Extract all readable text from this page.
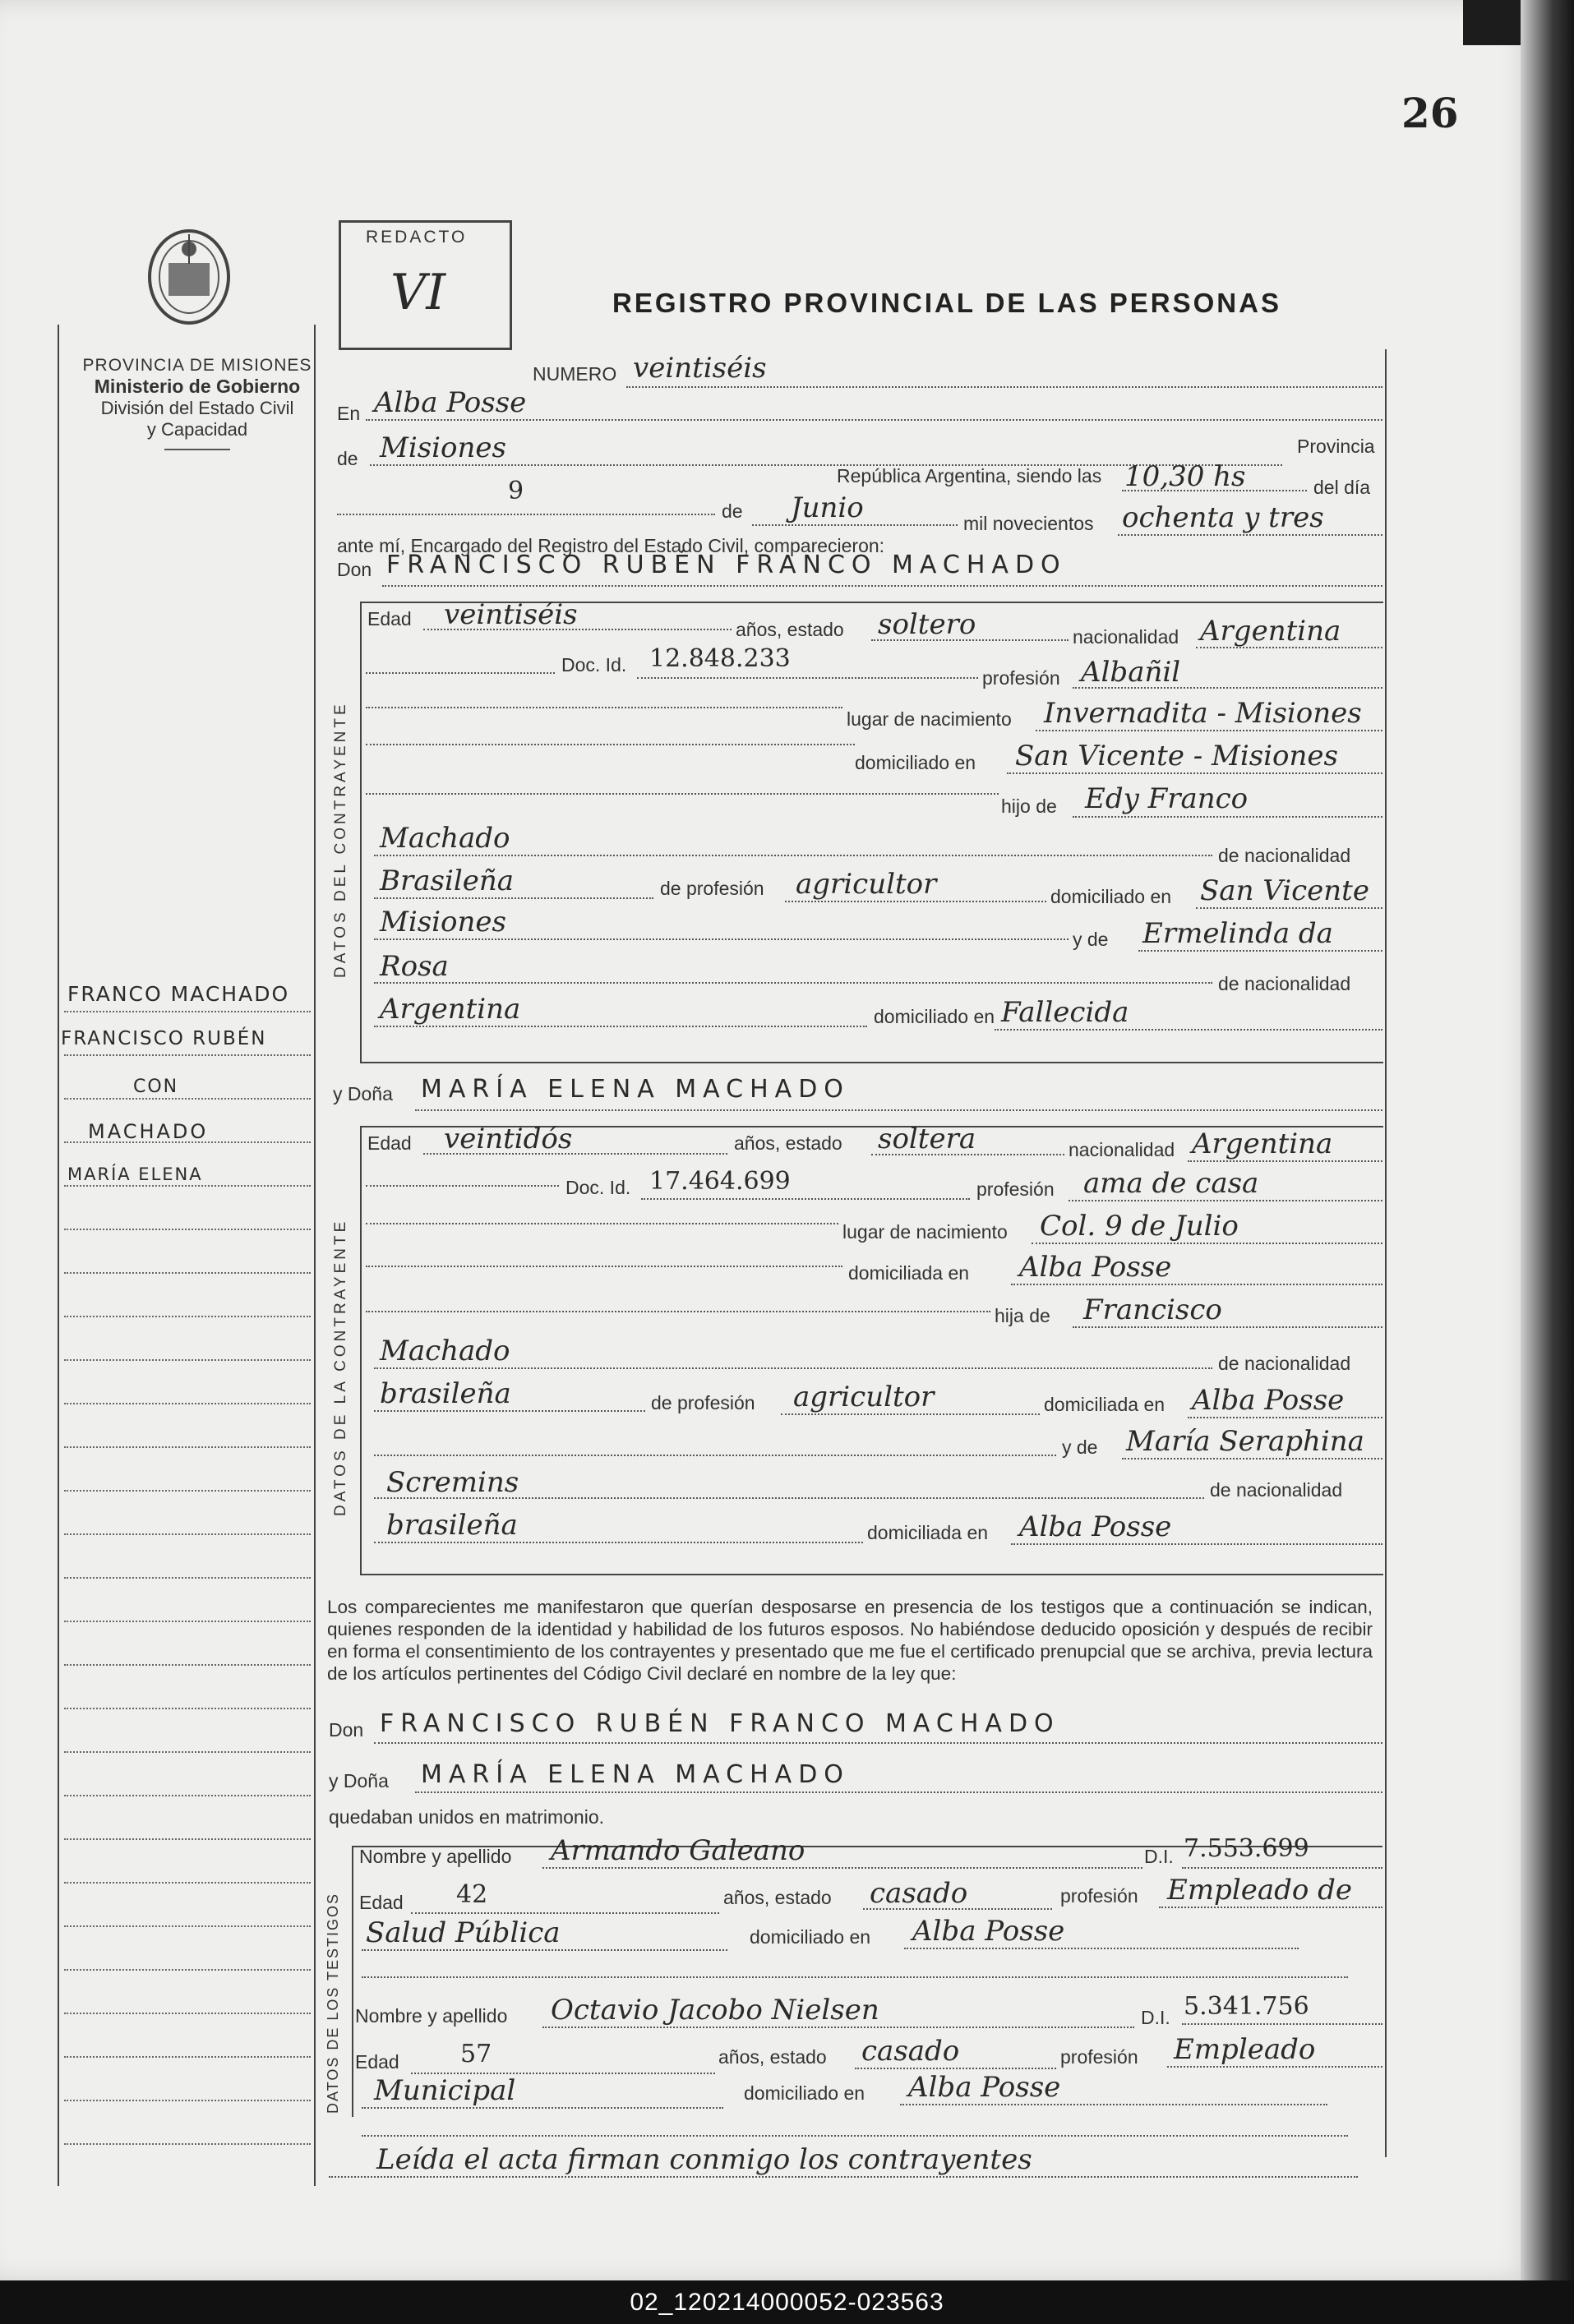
26
PROVINCIA DE MISIONES
Ministerio de Gobierno
División del Estado Civil
y Capacidad
FRANCO MACHADO
FRANCISCO RUBÉN
CON
MACHADO
MARÍA ELENA
REDACTO
VI	REGISTRO PROVINCIAL DE LAS PERSONAS
NUMERO veintiséis
En Alba Posse
de Misiones	Provincia
9
República Argentina, siendo las 10,30 hs	del día
de Junio	mil novecientos ochenta y tres
ante mí, Encargado del Registro del Estado Civil, comparecieron:
Don FRANCISCO RUBÉN FRANCO MACHADO
DATOS DEL CONTRAYENTE
Edad veintiséis	años, estado soltero	nacionalidad Argentina
Doc. Id. 12.848.233
profesión Albañil
lugar de nacimiento Invernadita - Misiones
domiciliado en San Vicente - Misiones
hijo de Edy Franco
Machado
de nacionalidad
Brasileña	de profesión agricultor	domiciliado en San Vicente
Misiones
y de Ermelinda da
Rosa
de nacionalidad
Argentina	domiciliado en Fallecida
y Doña MARÍA ELENA MACHADO
DATOS DE LA CONTRAYENTE
Edad veintidós	años, estado soltera	nacionalidad Argentina
Doc. Id. 17.464.699	profesión ama de casa
lugar de nacimiento Col. 9 de Julio
domiciliada en Alba Posse
hija de Francisco
Machado	de nacionalidad
brasileña	de profesión agricultor	domiciliada en Alba Posse
y de María Seraphina
Scremins	de nacionalidad
brasileña	domiciliada en Alba Posse
Los comparecientes me manifestaron que querían desposarse en presencia de los testigos que a continuación se indican, quienes responden de la identidad y habilidad de los futuros esposos. No habiéndose deducido oposición y después de recibir en forma el consentimiento de los contrayentes y presentado que me fue el certificado prenupcial que se archiva, previa lectura de los artículos pertinentes del Código Civil declaré en nombre de la ley que:
Don FRANCISCO RUBÉN FRANCO MACHADO
y Doña MARÍA ELENA MACHADO
quedaban unidos en matrimonio.
DATOS DE LOS TESTIGOS
Nombre y apellido Armando Galeano	D.I. 7.553.699
Edad 42	años, estado casado	profesión Empleado de
Salud Pública	domiciliado en Alba Posse
Nombre y apellido Octavio Jacobo Nielsen	D.I. 5.341.756
Edad 57	años, estado casado	profesión Empleado
Municipal	domiciliado en Alba Posse
Leída el acta firman conmigo los contrayentes
02_120214000052-023563
